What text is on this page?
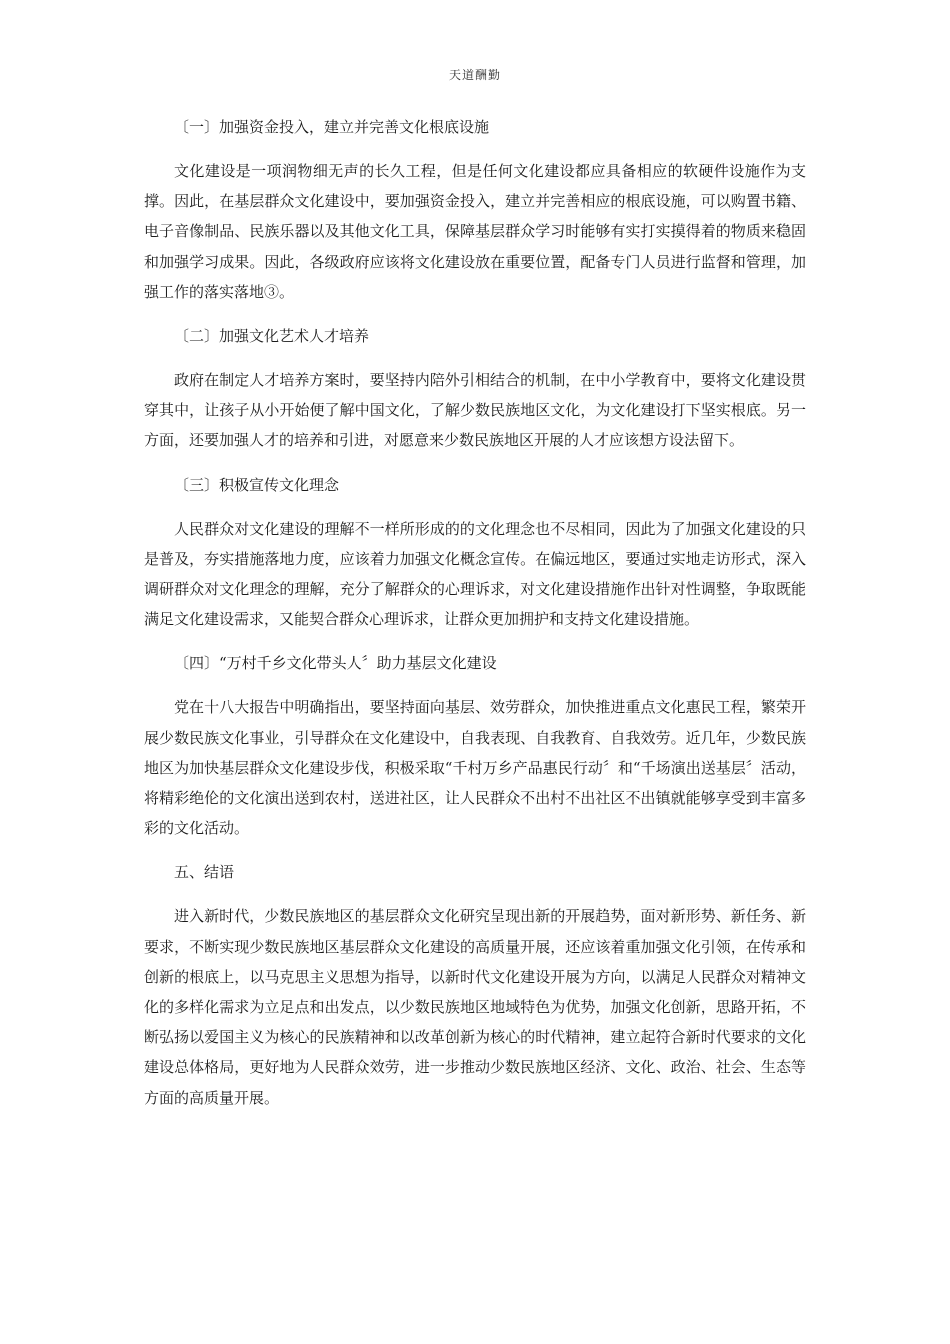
天道酬勤

〔一〕加强资金投入，建立并完善文化根底设施

文化建设是一项润物细无声的长久工程，但是任何文化建设都应具备相应的软硬件设施作为支撑。因此，在基层群众文化建设中，要加强资金投入，建立并完善相应的根底设施，可以购置书籍、电子音像制品、民族乐器以及其他文化工具，保障基层群众学习时能够有实打实摸得着的物质来稳固和加强学习成果。因此，各级政府应该将文化建设放在重要位置，配备专门人员进行监督和管理，加强工作的落实落地③。

〔二〕加强文化艺术人才培养

政府在制定人才培养方案时，要坚持内陪外引相结合的机制，在中小学教育中，要将文化建设贯穿其中，让孩子从小开始便了解中国文化，了解少数民族地区文化，为文化建设打下坚实根底。另一方面，还要加强人才的培养和引进，对愿意来少数民族地区开展的人才应该想方设法留下。

〔三〕积极宣传文化理念

人民群众对文化建设的理解不一样所形成的的文化理念也不尽相同，因此为了加强文化建设的只是普及，夯实措施落地力度，应该着力加强文化概念宣传。在偏远地区，要通过实地走访形式，深入调研群众对文化理念的理解，充分了解群众的心理诉求，对文化建设措施作出针对性调整，争取既能满足文化建设需求，又能契合群众心理诉求，让群众更加拥护和支持文化建设措施。

〔四〕“万村千乡文化带头人〞助力基层文化建设

党在十八大报告中明确指出，要坚持面向基层、效劳群众，加快推进重点文化惠民工程，繁荣开展少数民族文化事业，引导群众在文化建设中，自我表现、自我教育、自我效劳。近几年，少数民族地区为加快基层群众文化建设步伐，积极采取“千村万乡产品惠民行动〞和“千场演出送基层〞活动，将精彩绝伦的文化演出送到农村，送进社区，让人民群众不出村不出社区不出镇就能够享受到丰富多彩的文化活动。

五、结语

进入新时代，少数民族地区的基层群众文化研究呈现出新的开展趋势，面对新形势、新任务、新要求，不断实现少数民族地区基层群众文化建设的高质量开展，还应该着重加强文化引领，在传承和创新的根底上，以马克思主义思想为指导，以新时代文化建设开展为方向，以满足人民群众对精神文化的多样化需求为立足点和出发点，以少数民族地区地域特色为优势，加强文化创新，思路开拓，不断弘扬以爱国主义为核心的民族精神和以改革创新为核心的时代精神，建立起符合新时代要求的文化建设总体格局，更好地为人民群众效劳，进一步推动少数民族地区经济、文化、政治、社会、生态等方面的高质量开展。
